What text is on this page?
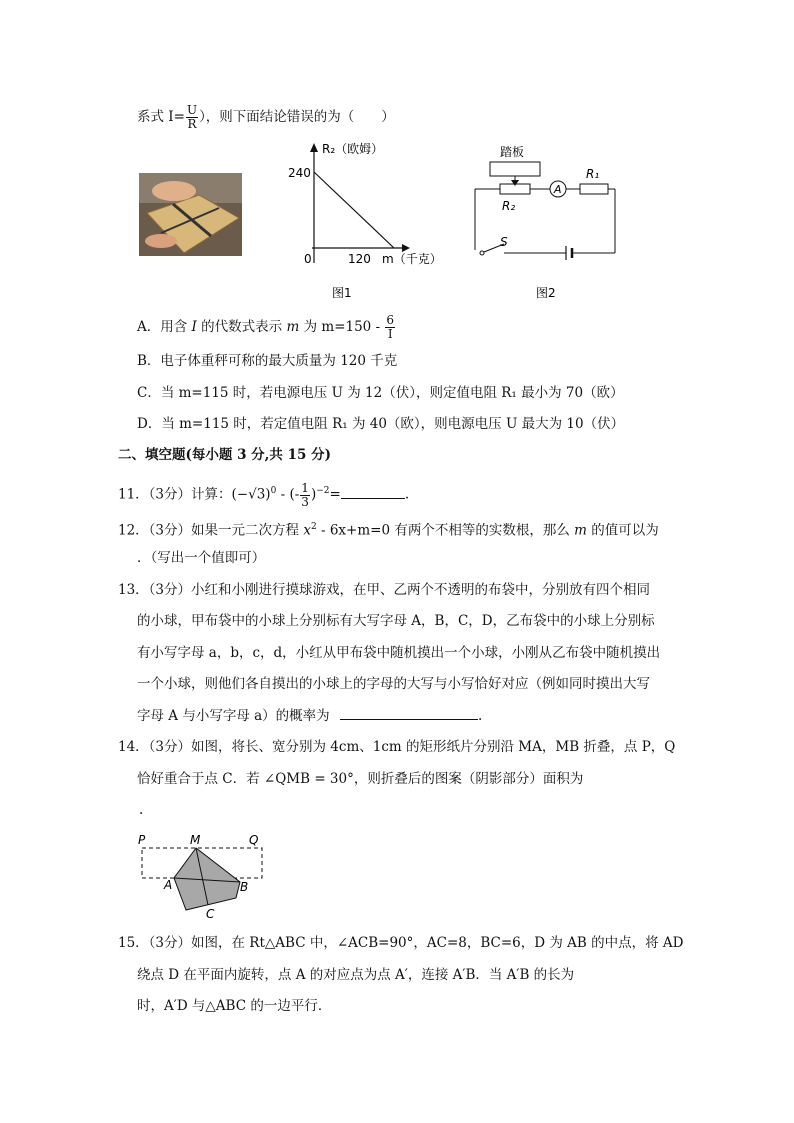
系式 $I= \frac{U}{R}$ ），则下面结论错误的为（　　）
R₂（欧姆）
240
0	120 m（千克）
图1
踏板
R₂
A
R₁
S
图2
A．用含 I 的代数式表示 m 为 $m=150 - \frac{6}{I}$
B．电子体重秤可称的最大质量为 120 千克
C．当 m=115 时，若电源电压 U 为 12（伏），则定值电阻 R₁ 最小为 70（欧）
D．当 m=115 时，若定值电阻 R₁ 为 40（欧），则电源电压 U 最大为 10（伏）
二、填空题(每小题 3 分,共 15 分)
11．（3分）计算：$(-√3)^0$ - (- $\frac{1}{3} )^{-2}=$	.
12．（3分）如果一元二次方程 $x^2 - 6x+m=0$ 有两个不相等的实数根，那么 m 的值可以为
．（写出一个值即可）
13．（3分）小红和小刚进行摸球游戏，在甲、乙两个不透明的布袋中，分别放有四个相同
的小球，甲布袋中的小球上分别标有大写字母 A，B，C，D，乙布袋中的小球上分别标
有小写字母 a，b，c，d，小红从甲布袋中随机摸出一个小球，小刚从乙布袋中随机摸出
一个小球，则他们各自摸出的小球上的字母的大写与小写恰好对应（例如同时摸出大写
字母 A 与小写字母 a）的概率为	.
14．（3分）如图，将长、宽分别为 4cm、1cm 的矩形纸片分别沿 MA，MB 折叠，点 P，Q
恰好重合于点 C．若 ∠QMB = 30°，则折叠后的图案（阴影部分）面积为
.
P	M	Q
A	B
C
15．（3分）如图，在 Rt△ABC 中，∠ACB=90°，AC=8，BC=6，D 为 AB 的中点，将 AD
绕点 D 在平面内旋转，点 A 的对应点为点 A′，连接 A′B．当 A′B 的长为
时，A′D 与△ABC 的一边平行．
